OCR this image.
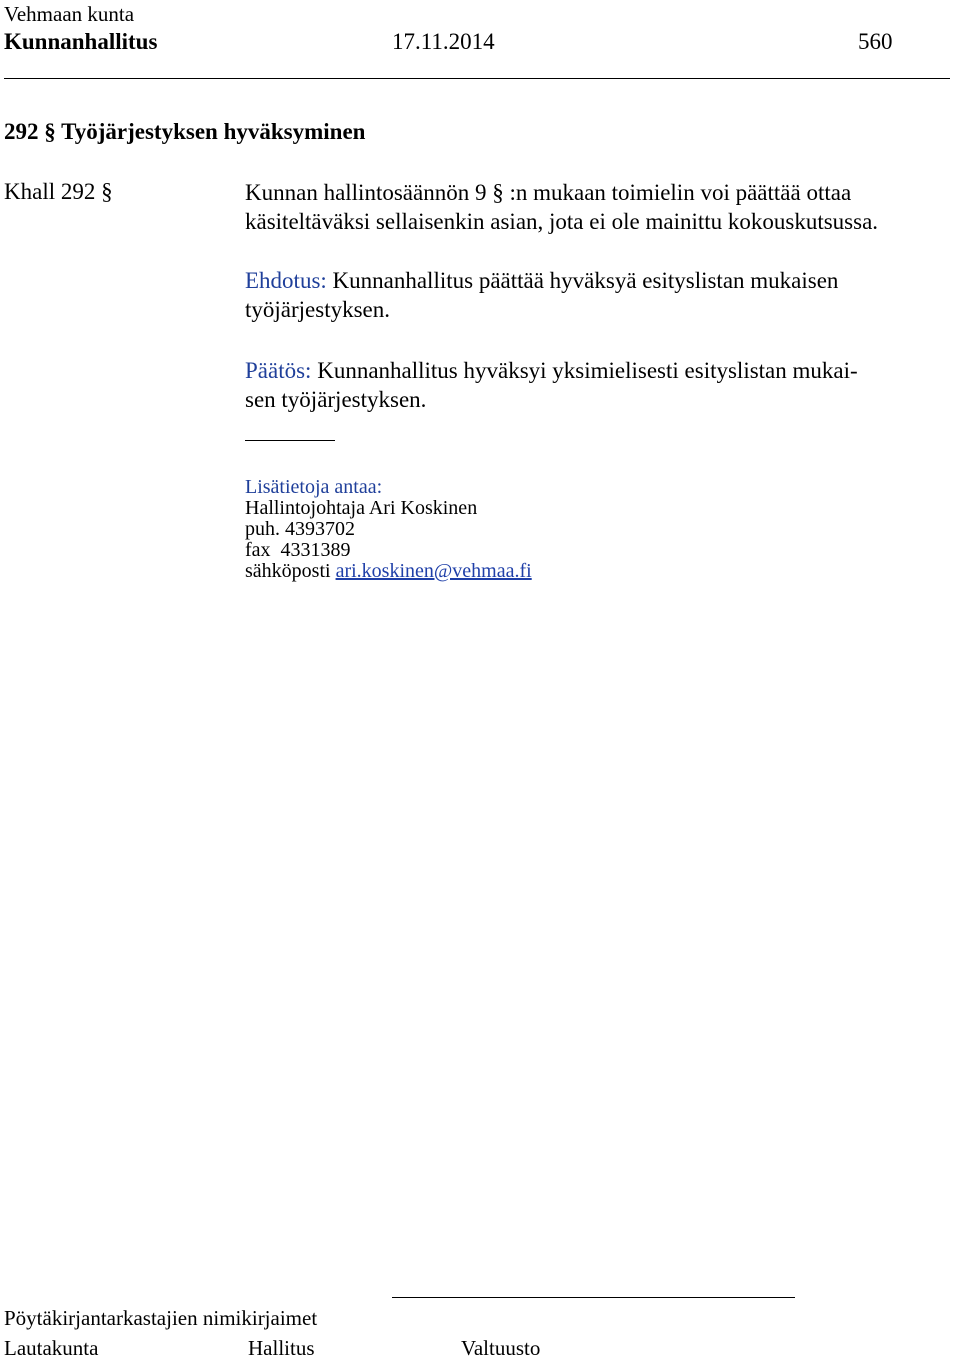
Vehmaan kunta
Kunnanhallitus	17.11.2014	560
292 § Työjärjestyksen hyväksyminen
Khall 292 §	Kunnan hallintosäännön 9 § :n mukaan toimielin voi päättää ottaa
käsiteltäväksi sellaisenkin asian, jota ei ole mainittu kokouskutsussa.
Ehdotus: Kunnanhallitus päättää hyväksyä esityslistan mukaisen
työjärjestyksen.
Päätös: Kunnanhallitus hyväksyi yksimielisesti esityslistan mukai-
sen työjärjestyksen.
Lisätietoja antaa:
Hallintojohtaja Ari Koskinen
puh. 4393702
fax  4331389
sähköposti ari.koskinen@vehmaa.fi
Pöytäkirjantarkastajien nimikirjaimet
Lautakunta	Hallitus	Valtuusto
